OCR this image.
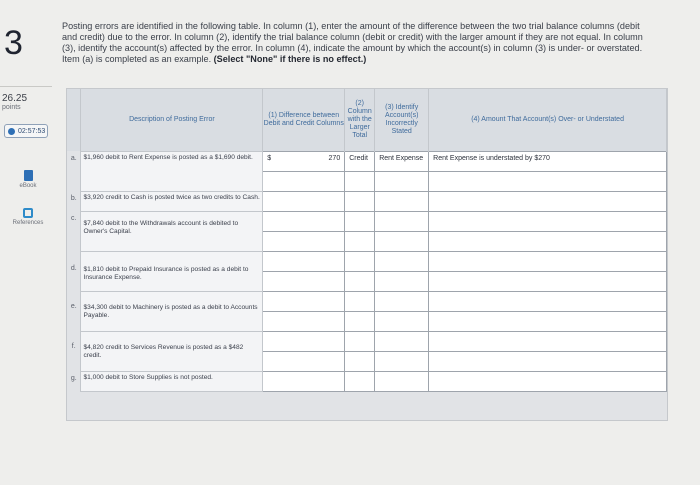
3
26.25
points
02:57:53
eBook
References
Posting errors are identified in the following table. In column (1), enter the amount of the difference between the two trial balance columns (debit and credit) due to the error. In column (2), identify the trial balance column (debit or credit) with the larger amount if they are not equal. In column (3), identify the account(s) affected by the error. In column (4), indicate the amount by which the account(s) in column (3) is under- or overstated. Item (a) is completed as an example. (Select "None" if there is no effect.)
	Description of Posting Error	(1) Difference between Debit and Credit Columns	(2) Column with the Larger Total	(3) Identify Account(s) Incorrectly Stated	(4) Amount That Account(s) Over- or Understated
a.	$1,960 debit to Rent Expense is posted as a $1,690 debit.	$ 270	Credit	Rent Expense	Rent Expense is understated by $270

b.	$3,920 credit to Cash is posted twice as two credits to Cash.				
c.	$7,840 debit to the Withdrawals account is debited to Owner's Capital.				

d.	$1,810 debit to Prepaid Insurance is posted as a debit to Insurance Expense.				

e.	$34,300 debit to Machinery is posted as a debit to Accounts Payable.				

f.	$4,820 credit to Services Revenue is posted as a $482 credit.				

g.	$1,000 debit to Store Supplies is not posted.				
